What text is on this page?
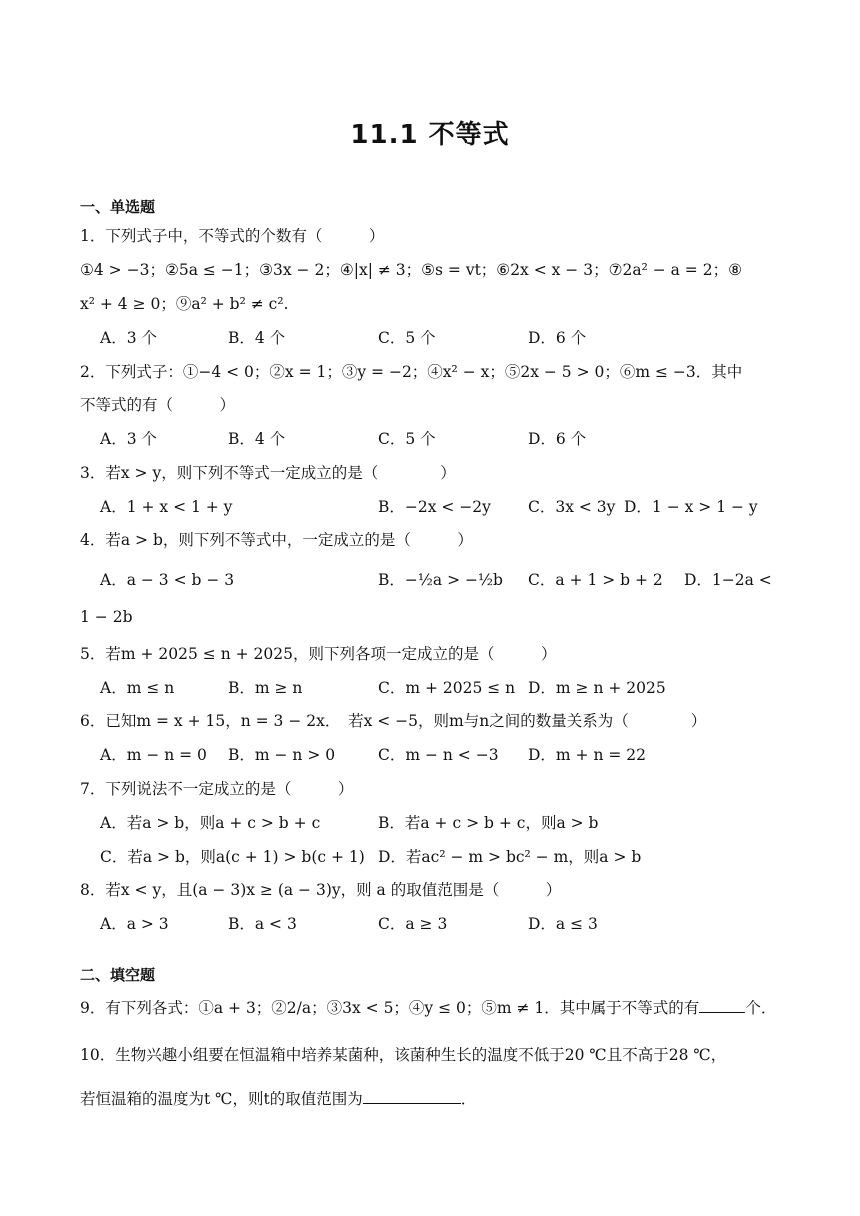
11.1 不等式
一、单选题
1．下列式子中，不等式的个数有（　　　）
①4 > −3；②5a ≤ −1；③3x − 2；④|x| ≠ 3；⑤s = vt；⑥2x < x − 3；⑦2a² − a = 2；⑧
x² + 4 ≥ 0；⑨a² + b² ≠ c².
A．3 个	B．4 个	C．5 个	D．6 个
2．下列式子：①−4 < 0；②x = 1；③y = −2；④x² − x；⑤2x − 5 > 0；⑥m ≤ −3．其中
不等式的有（　　　）
A．3 个	B．4 个	C．5 个	D．6 个
3．若x > y，则下列不等式一定成立的是（　　　　）
A．1 + x < 1 + y	B．−2x < −2y C．3x < 3y D．1 − x > 1 − y
4．若a > b，则下列不等式中，一定成立的是（　　　）
A．a − 3 < b − 3	B．−½a > −½b C．a + 1 > b + 2 D．1−2a <
1 − 2b
5．若m + 2025 ≤ n + 2025，则下列各项一定成立的是（　　　）
A．m ≤ n	B．m ≥ n	C．m + 2025 ≤ n D．m ≥ n + 2025
6．已知m = x + 15，n = 3 − 2x．　若x < −5，则m与n之间的数量关系为（　　　　）
A．m − n = 0 B．m − n > 0	C．m − n < −3 D．m + n = 22
7．下列说法不一定成立的是（　　　）
A．若a > b，则a + c > b + c	B．若a + c > b + c，则a > b
C．若a > b，则a(c + 1) > b(c + 1) D．若ac² − m > bc² − m，则a > b
8．若x < y，且(a − 3)x ≥ (a − 3)y，则 a 的取值范围是（　　　）
A．a > 3	B．a < 3	C．a ≥ 3	D．a ≤ 3
二、填空题
9．有下列各式：①a + 3；②2/a；③3x < 5；④y ≤ 0；⑤m ≠ 1．其中属于不等式的有	个．
10．生物兴趣小组要在恒温箱中培养某菌种，该菌种生长的温度不低于20 ℃且不高于28 ℃，
若恒温箱的温度为t ℃，则t的取值范围为	．
